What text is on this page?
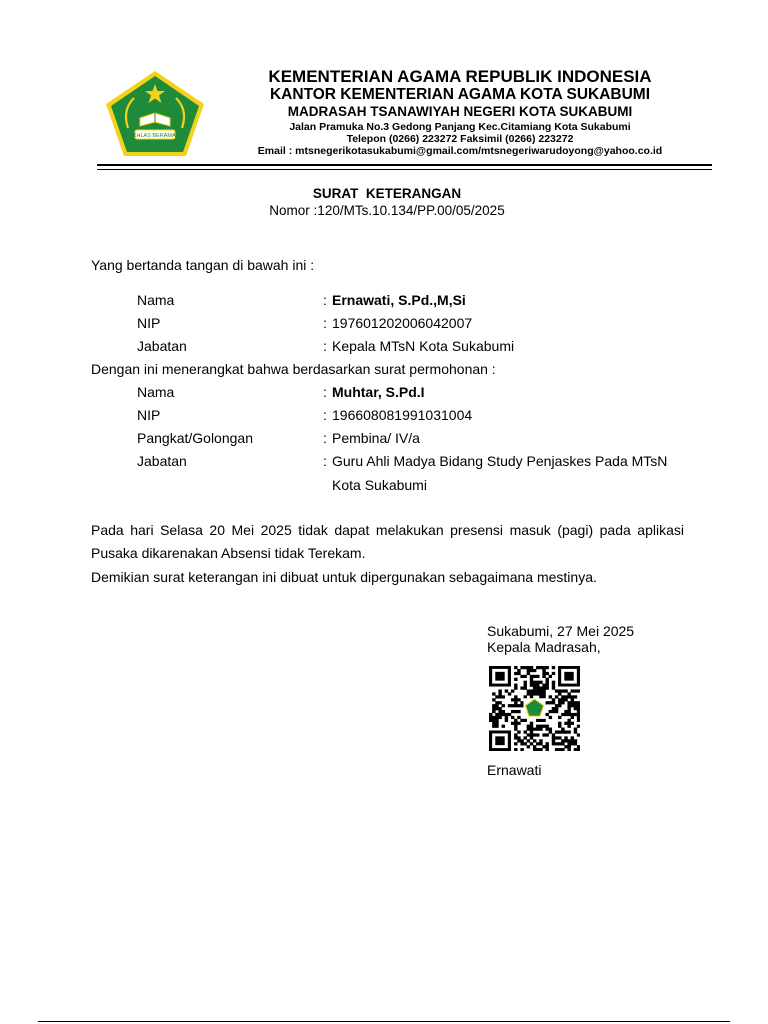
IKHLAS BERAMAL
KEMENTERIAN AGAMA REPUBLIK INDONESIA
KANTOR KEMENTERIAN AGAMA KOTA SUKABUMI
MADRASAH TSANAWIYAH NEGERI KOTA SUKABUMI
Jalan Pramuka No.3 Gedong Panjang Kec.Citamiang Kota Sukabumi
Telepon (0266) 223272 Faksimil (0266) 223272
Email : mtsnegerikotasukabumi@gmail.com/mtsnegeriwarudoyong@yahoo.co.id
SURAT  KETERANGAN
Nomor :120/MTs.10.134/PP.00/05/2025
Yang bertanda tangan di bawah ini :
Nama	: Ernawati, S.Pd.,M,Si
NIP	: 197601202006042007
Jabatan	: Kepala MTsN Kota Sukabumi
Dengan ini menerangkat bahwa berdasarkan surat permohonan :
Nama	: Muhtar, S.Pd.I
NIP	: 196608081991031004
Pangkat/Golongan	: Pembina/ IV/a
Jabatan	: Guru Ahli Madya Bidang Study Penjaskes Pada MTsN
Kota Sukabumi
Pada hari Selasa 20 Mei 2025 tidak dapat melakukan presensi masuk (pagi) pada aplikasi
Pusaka dikarenakan Absensi tidak Terekam.
Demikian surat keterangan ini dibuat untuk dipergunakan sebagaimana mestinya.
Sukabumi, 27 Mei 2025
Kepala Madrasah,
Ernawati
